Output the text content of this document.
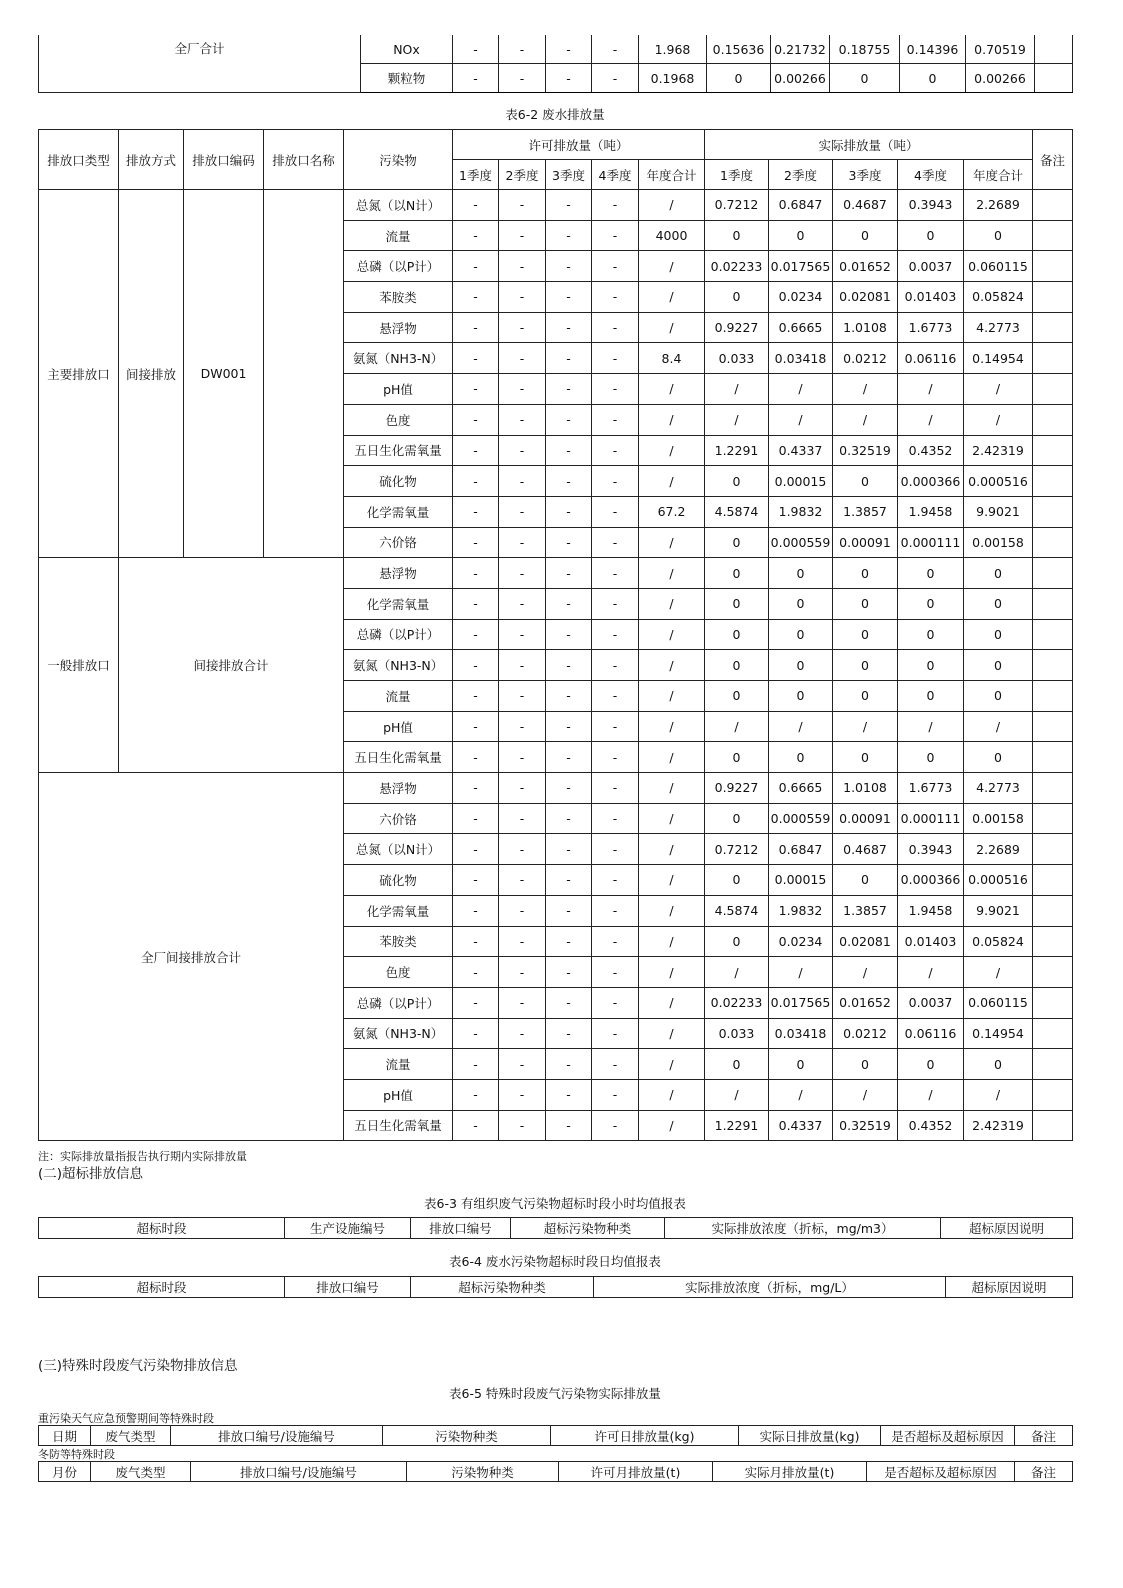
全厂合计	NOx	-	-	-	-	1.968	0.15636	0.21732	0.18755	0.14396	0.70519	
	颗粒物	-	-	-	-	0.1968	0	0.00266	0	0	0.00266	
表6-2 废水排放量
排放口类型	排放方式	排放口编码	排放口名称	污染物	许可排放量（吨）					实际排放量（吨）					备注
					1季度	2季度	3季度	4季度	年度合计	1季度	2季度	3季度	4季度	年度合计	
主要排放口	间接排放	DW001		总氮（以N计）	-	-	-	-	/	0.7212	0.6847	0.4687	0.3943	2.2689	
				流量	-	-	-	-	4000	0	0	0	0	0	
				总磷（以P计）	-	-	-	-	/	0.02233	0.017565	0.01652	0.0037	0.060115	
				苯胺类	-	-	-	-	/	0	0.0234	0.02081	0.01403	0.05824	
				悬浮物	-	-	-	-	/	0.9227	0.6665	1.0108	1.6773	4.2773	
				氨氮（NH3-N）	-	-	-	-	8.4	0.033	0.03418	0.0212	0.06116	0.14954	
				pH值	-	-	-	-	/	/	/	/	/	/	
				色度	-	-	-	-	/	/	/	/	/	/	
				五日生化需氧量	-	-	-	-	/	1.2291	0.4337	0.32519	0.4352	2.42319	
				硫化物	-	-	-	-	/	0	0.00015	0	0.000366	0.000516	
				化学需氧量	-	-	-	-	67.2	4.5874	1.9832	1.3857	1.9458	9.9021	
				六价铬	-	-	-	-	/	0	0.000559	0.00091	0.000111	0.00158	
一般排放口	间接排放合计			悬浮物	-	-	-	-	/	0	0	0	0	0	
				化学需氧量	-	-	-	-	/	0	0	0	0	0	
				总磷（以P计）	-	-	-	-	/	0	0	0	0	0	
				氨氮（NH3-N）	-	-	-	-	/	0	0	0	0	0	
				流量	-	-	-	-	/	0	0	0	0	0	
				pH值	-	-	-	-	/	/	/	/	/	/	
				五日生化需氧量	-	-	-	-	/	0	0	0	0	0	
全厂间接排放合计				悬浮物	-	-	-	-	/	0.9227	0.6665	1.0108	1.6773	4.2773	
				六价铬	-	-	-	-	/	0	0.000559	0.00091	0.000111	0.00158	
				总氮（以N计）	-	-	-	-	/	0.7212	0.6847	0.4687	0.3943	2.2689	
				硫化物	-	-	-	-	/	0	0.00015	0	0.000366	0.000516	
				化学需氧量	-	-	-	-	/	4.5874	1.9832	1.3857	1.9458	9.9021	
				苯胺类	-	-	-	-	/	0	0.0234	0.02081	0.01403	0.05824	
				色度	-	-	-	-	/	/	/	/	/	/	
				总磷（以P计）	-	-	-	-	/	0.02233	0.017565	0.01652	0.0037	0.060115	
				氨氮（NH3-N）	-	-	-	-	/	0.033	0.03418	0.0212	0.06116	0.14954	
				流量	-	-	-	-	/	0	0	0	0	0	
				pH值	-	-	-	-	/	/	/	/	/	/	
				五日生化需氧量	-	-	-	-	/	1.2291	0.4337	0.32519	0.4352	2.42319	
注：实际排放量指报告执行期内实际排放量
(二)超标排放信息
表6-3 有组织废气污染物超标时段小时均值报表
超标时段	生产设施编号	排放口编号	超标污染物种类	实际排放浓度（折标，mg/m3）	超标原因说明
表6-4 废水污染物超标时段日均值报表
超标时段	排放口编号	超标污染物种类	实际排放浓度（折标，mg/L）	超标原因说明
(三)特殊时段废气污染物排放信息
表6-5 特殊时段废气污染物实际排放量
重污染天气应急预警期间等特殊时段
日期	废气类型	排放口编号/设施编号	污染物种类	许可日排放量(kg)	实际日排放量(kg)	是否超标及超标原因	备注
冬防等特殊时段
月份	废气类型	排放口编号/设施编号	污染物种类	许可月排放量(t)	实际月排放量(t)	是否超标及超标原因	备注
